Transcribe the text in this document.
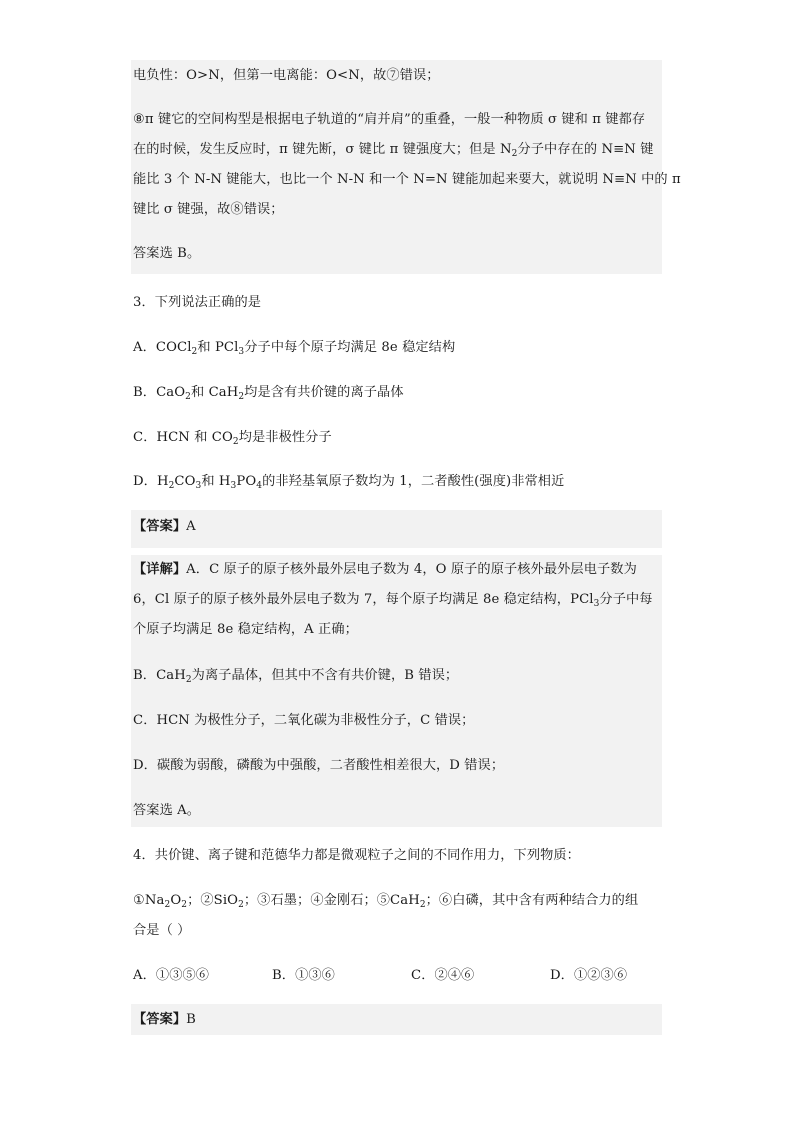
电负性：O>N，但第一电离能：O<N，故⑦错误；
⑧π 键它的空间构型是根据电子轨道的“肩并肩”的重叠，一般一种物质 σ 键和 π 键都存
在的时候，发生反应时，π 键先断，σ 键比 π 键强度大；但是 $N_2$分子中存在的 N≡N 键
能比 3 个 N-N 键能大，也比一个 N-N 和一个 N=N 键能加起来要大，就说明 N≡N 中的 π
键比 σ 键强，故⑧错误；
答案选 B。
3．下列说法正确的是
A．COCl$_2$和 PCl$_3$分子中每个原子均满足 8e 稳定结构
B．CaO$_2$和 CaH$_2$均是含有共价键的离子晶体
C．HCN 和 $CO_2$均是非极性分子
D．$H_2CO_3$和 $H_3PO_4$的非羟基氧原子数均为 1，二者酸性(强度)非常相近
【答案】A
【详解】A．C 原子的原子核外最外层电子数为 4，O 原子的原子核外最外层电子数为
6，Cl 原子的原子核外最外层电子数为 7，每个原子均满足 8e 稳定结构，PCl$_3$分子中每
个原子均满足 8e 稳定结构，A 正确；
B．CaH$_2$为离子晶体，但其中不含有共价键，B 错误；
C．HCN 为极性分子，二氧化碳为非极性分子，C 错误；
D．碳酸为弱酸，磷酸为中强酸，二者酸性相差很大，D 错误；
答案选 A。
4．共价键、离子键和范德华力都是微观粒子之间的不同作用力，下列物质：
$①Na_2O_2$；②SiO$_2$；③石墨；④金刚石；⑤CaH$_2$；⑥白磷，其中含有两种结合力的组
合是（ ）
A．①③⑤⑥	B．①③⑥	C．②④⑥	D．①②③⑥
【答案】B
